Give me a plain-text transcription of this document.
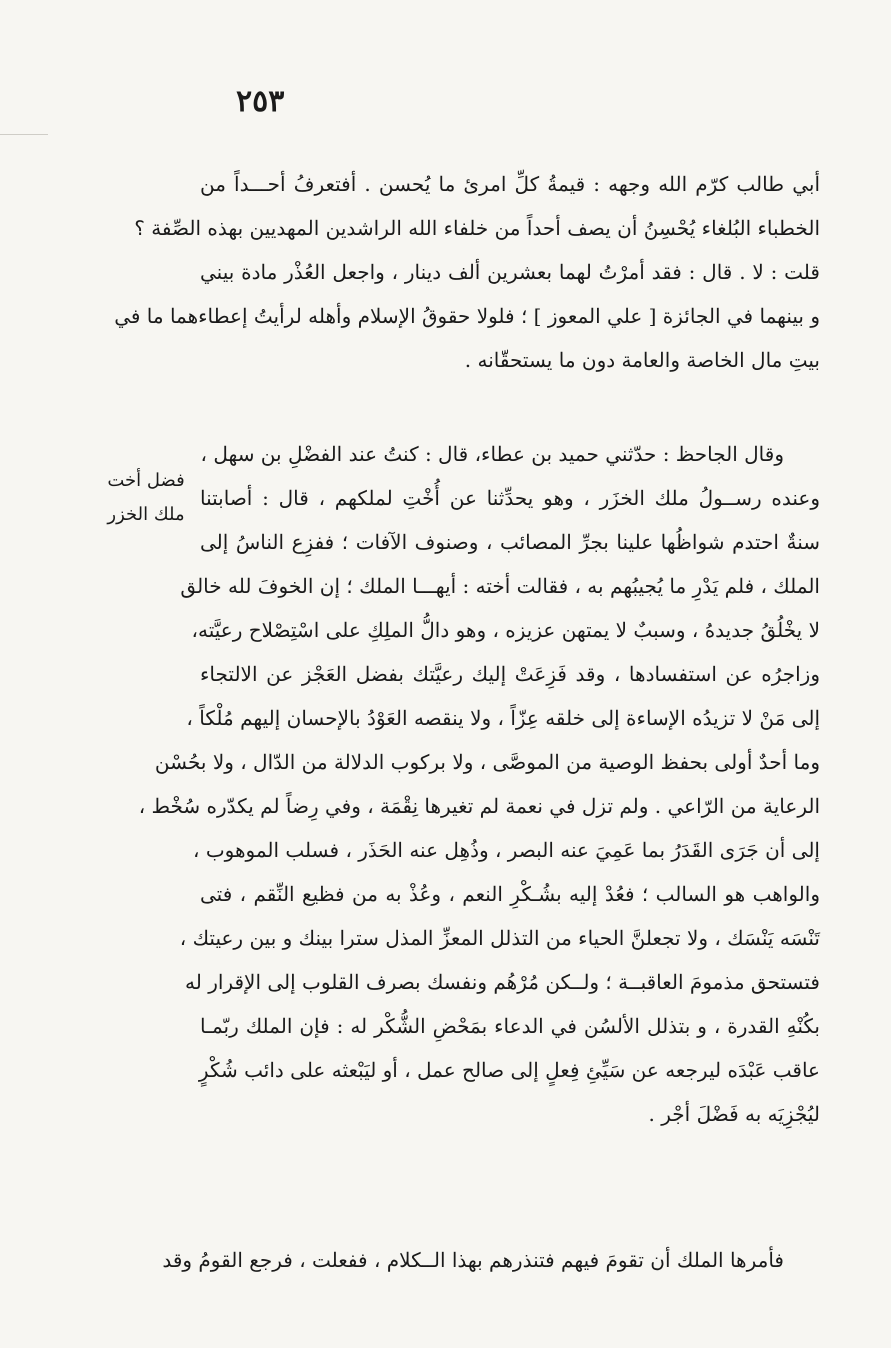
٢٥٣
فضل أخت
ملك الخزر
أبي طالب كرّم الله وجهه : قيمةُ كلِّ امرئ ما يُحسن . أفتعرفُ أحـــداً من
الخطباء البُلغاء يُحْسِنُ أن يصف أحداً من خلفاء الله الراشدين المهديين بهذه الصِّفة ؟
قلت : لا . قال : فقد أمرْتُ لهما بعشرين ألف دينار ، واجعل العُذْر مادة بيني
و بينهما في الجائزة [ علي المعوز ] ؛ فلولا حقوقُ الإسلام وأهله لرأيتُ إعطاءهما ما في
بيتِ مال الخاصة والعامة دون ما يستحقّانه .
وقال الجاحظ : حدّثني حميد بن عطاء، قال : كنتُ عند الفضْلِ بن سهل ،
وعنده رســولُ ملك الخزَر ، وهو يحدِّثنا عن أُخْتِ لملكهم ، قال : أصابتنا
سنةٌ احتدم شواظُها علينا بجرِّ المصائب ، وصنوف الآفات ؛ ففزِع الناسُ إلى
الملك ، فلم يَدْرِ ما يُجيبُهم به ، فقالت أخته : أيهـــا الملك ؛ إن الخوفَ لله خالق
لا يخْلُقُ جديدهُ ، وسببٌ لا يمتهن عزيزه ، وهو دالُّ الملِكِ على اسْتِصْلاح رعيَّته،
وزاجرُه عن استفسادها ، وقد فَزِعَتْ إليك رعيَّتك بفضل العَجْز عن الالتجاء
إلى مَنْ لا تزيدُه الإساءة إلى خلقه عِزّاً ، ولا ينقصه العَوْدُ بالإحسان إليهم مُلْكاً ،
وما أحدٌ أولى بحفظ الوصية من الموصَّى ، ولا بركوب الدلالة من الدّال ، ولا بحُسْن
الرعاية من الرّاعي . ولم تزل في نعمة لم تغيرها نِقْمَة ، وفي رِضاً لم يكدّره سُخْط ،
إلى أن جَرَى القَدَرُ بما عَمِيَ عنه البصر ، وذُهِل عنه الحَذَر ، فسلب الموهوب ،
والواهب هو السالب ؛ فعُدْ إليه بشُـكْرِ النعم ، وعُذْ به من فظيع النِّقم ، فتى
تَنْسَه يَنْسَك ، ولا تجعلنَّ الحياء من التذلل المعزِّ المذل سترا بينك و بين رعيتك ،
فتستحق مذمومَ العاقبــة ؛ ولــكن مُرْهُم ونفسك بصرف القلوب إلى الإقرار له
بكُنْهِ القدرة ، و بتذلل الألسُن في الدعاء بمَحْضِ الشُّكْر له : فإن الملك ربّمـا
عاقب عَبْدَه ليرجعه عن سَيِّئِ فِعلٍ إلى صالح عمل ، أو ليَبْعثه على دائب شُكْرٍ
ليُجْزِيَه به فَضْلَ أجْر .
فأمرها الملك أن تقومَ فيهم فتنذرهم بهذا الــكلام ، ففعلت ، فرجع القومُ وقد
